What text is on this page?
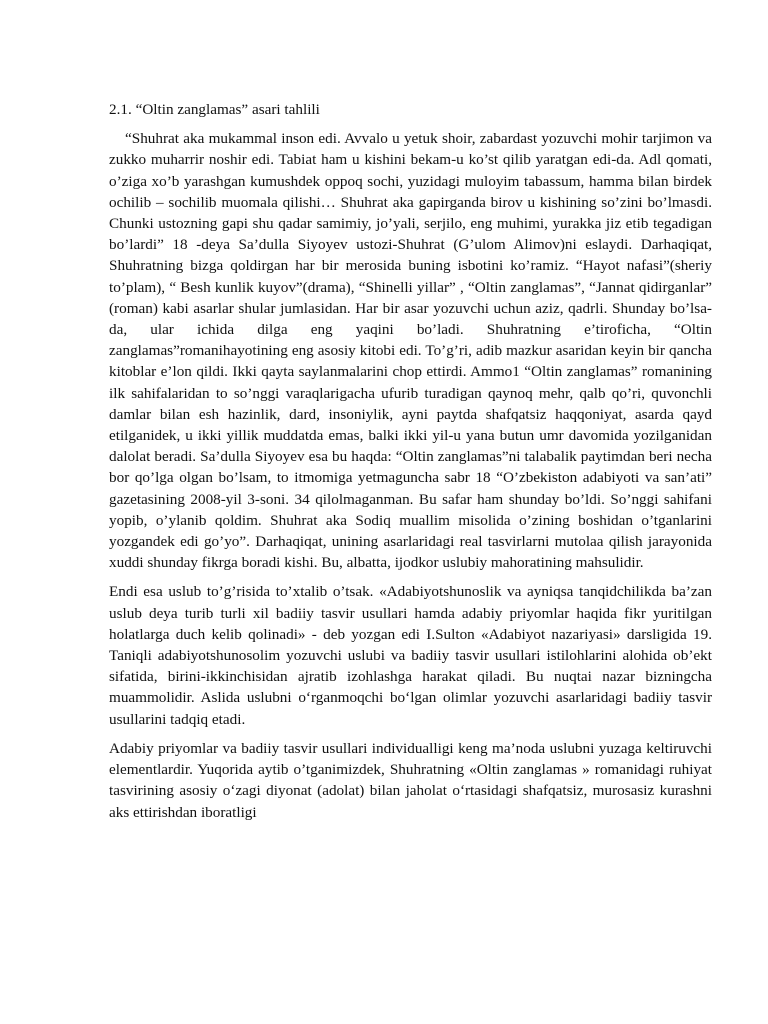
2.1. “Oltin zanglamas” asari tahlili

“Shuhrat aka mukammal inson edi. Avvalo u yetuk shoir, zabardast yozuvchi mohir tarjimon va zukko muharrir noshir edi. Tabiat ham u kishini bekam-u ko’st qilib yaratgan edi-da. Adl qomati, o’ziga xo’b yarashgan kumushdek oppoq sochi, yuzidagi muloyim tabassum, hamma bilan birdek ochilib – sochilib muomala qilishi… Shuhrat aka gapirganda birov u kishining so’zini bo’lmasdi. Chunki ustozning gapi shu qadar samimiy, jo’yali, serjilo, eng muhimi, yurakka jiz etib tegadigan bo’lardi” 18 -deya Sa’dulla Siyoyev ustozi-Shuhrat (G’ulom Alimov)ni eslaydi. Darhaqiqat, Shuhratning bizga qoldirgan har bir merosida buning isbotini ko’ramiz. “Hayot nafasi”(sheriy to’plam), “ Besh kunlik kuyov”(drama), “Shinelli yillar” , “Oltin zanglamas”, “Jannat qidirganlar” (roman) kabi asarlar shular jumlasidan. Har bir asar yozuvchi uchun aziz, qadrli. Shunday bo’lsa-da, ular ichida dilga eng yaqini bo’ladi. Shuhratning e’tiroficha, “Oltin zanglamas”romanihayotining eng asosiy kitobi edi. To’g’ri, adib mazkur asaridan keyin bir qancha kitoblar e’lon qildi. Ikki qayta saylanmalarini chop ettirdi. Ammo1 “Oltin zanglamas” romanining ilk sahifalaridan to so’nggi varaqlarigacha ufurib turadigan qaynoq mehr, qalb qo’ri, quvonchli damlar bilan esh hazinlik, dard, insoniylik, ayni paytda shafqatsiz haqqoniyat, asarda qayd etilganidek, u ikki yillik muddatda emas, balki ikki yil-u yana butun umr davomida yozilganidan dalolat beradi. Sa’dulla Siyoyev esa bu haqda: “Oltin zanglamas”ni talabalik paytimdan beri necha bor qo’lga olgan bo’lsam, to itmomiga yetmaguncha sabr 18 “O’zbekiston adabiyoti va san’ati” gazetasining 2008-yil 3-soni. 34 qilolmaganman. Bu safar ham shunday bo’ldi. So’nggi sahifani yopib, o’ylanib qoldim. Shuhrat aka Sodiq muallim misolida o’zining boshidan o’tganlarini yozgandek edi go’yo”. Darhaqiqat, unining asarlaridagi real tasvirlarni mutolaa qilish jarayonida xuddi shunday fikrga boradi kishi. Bu, albatta, ijodkor uslubiy mahoratining mahsulidir.

Endi esa uslub to’g’risida to’xtalib o’tsak. «Adabiyotshunoslik va ayniqsa tanqidchilikda ba’zan uslub deya turib turli xil badiiy tasvir usullari hamda adabiy priyomlar haqida fikr yuritilgan holatlarga duch kelib qolinadi» - deb yozgan edi I.Sulton «Adabiyot nazariyasi» darsligida 19. Taniqli adabiyotshunosolim yozuvchi uslubi va badiiy tasvir usullari istilohlarini alohida ob’ekt sifatida, birini-ikkinchisidan ajratib izohlashga harakat qiladi. Bu nuqtai nazar bizningcha muammolidir. Aslida uslubni o‘rganmoqchi bo‘lgan olimlar yozuvchi asarlaridagi badiiy tasvir usullarini tadqiq etadi.

Adabiy priyomlar va badiiy tasvir usullari individualligi keng ma’noda uslubni yuzaga keltiruvchi elementlardir. Yuqorida aytib o’tganimizdek, Shuhratning «Oltin zanglamas » romanidagi ruhiyat tasvirining asosiy o‘zagi diyonat (adolat) bilan jaholat o‘rtasidagi shafqatsiz, murosasiz kurashni aks ettirishdan iboratligi
